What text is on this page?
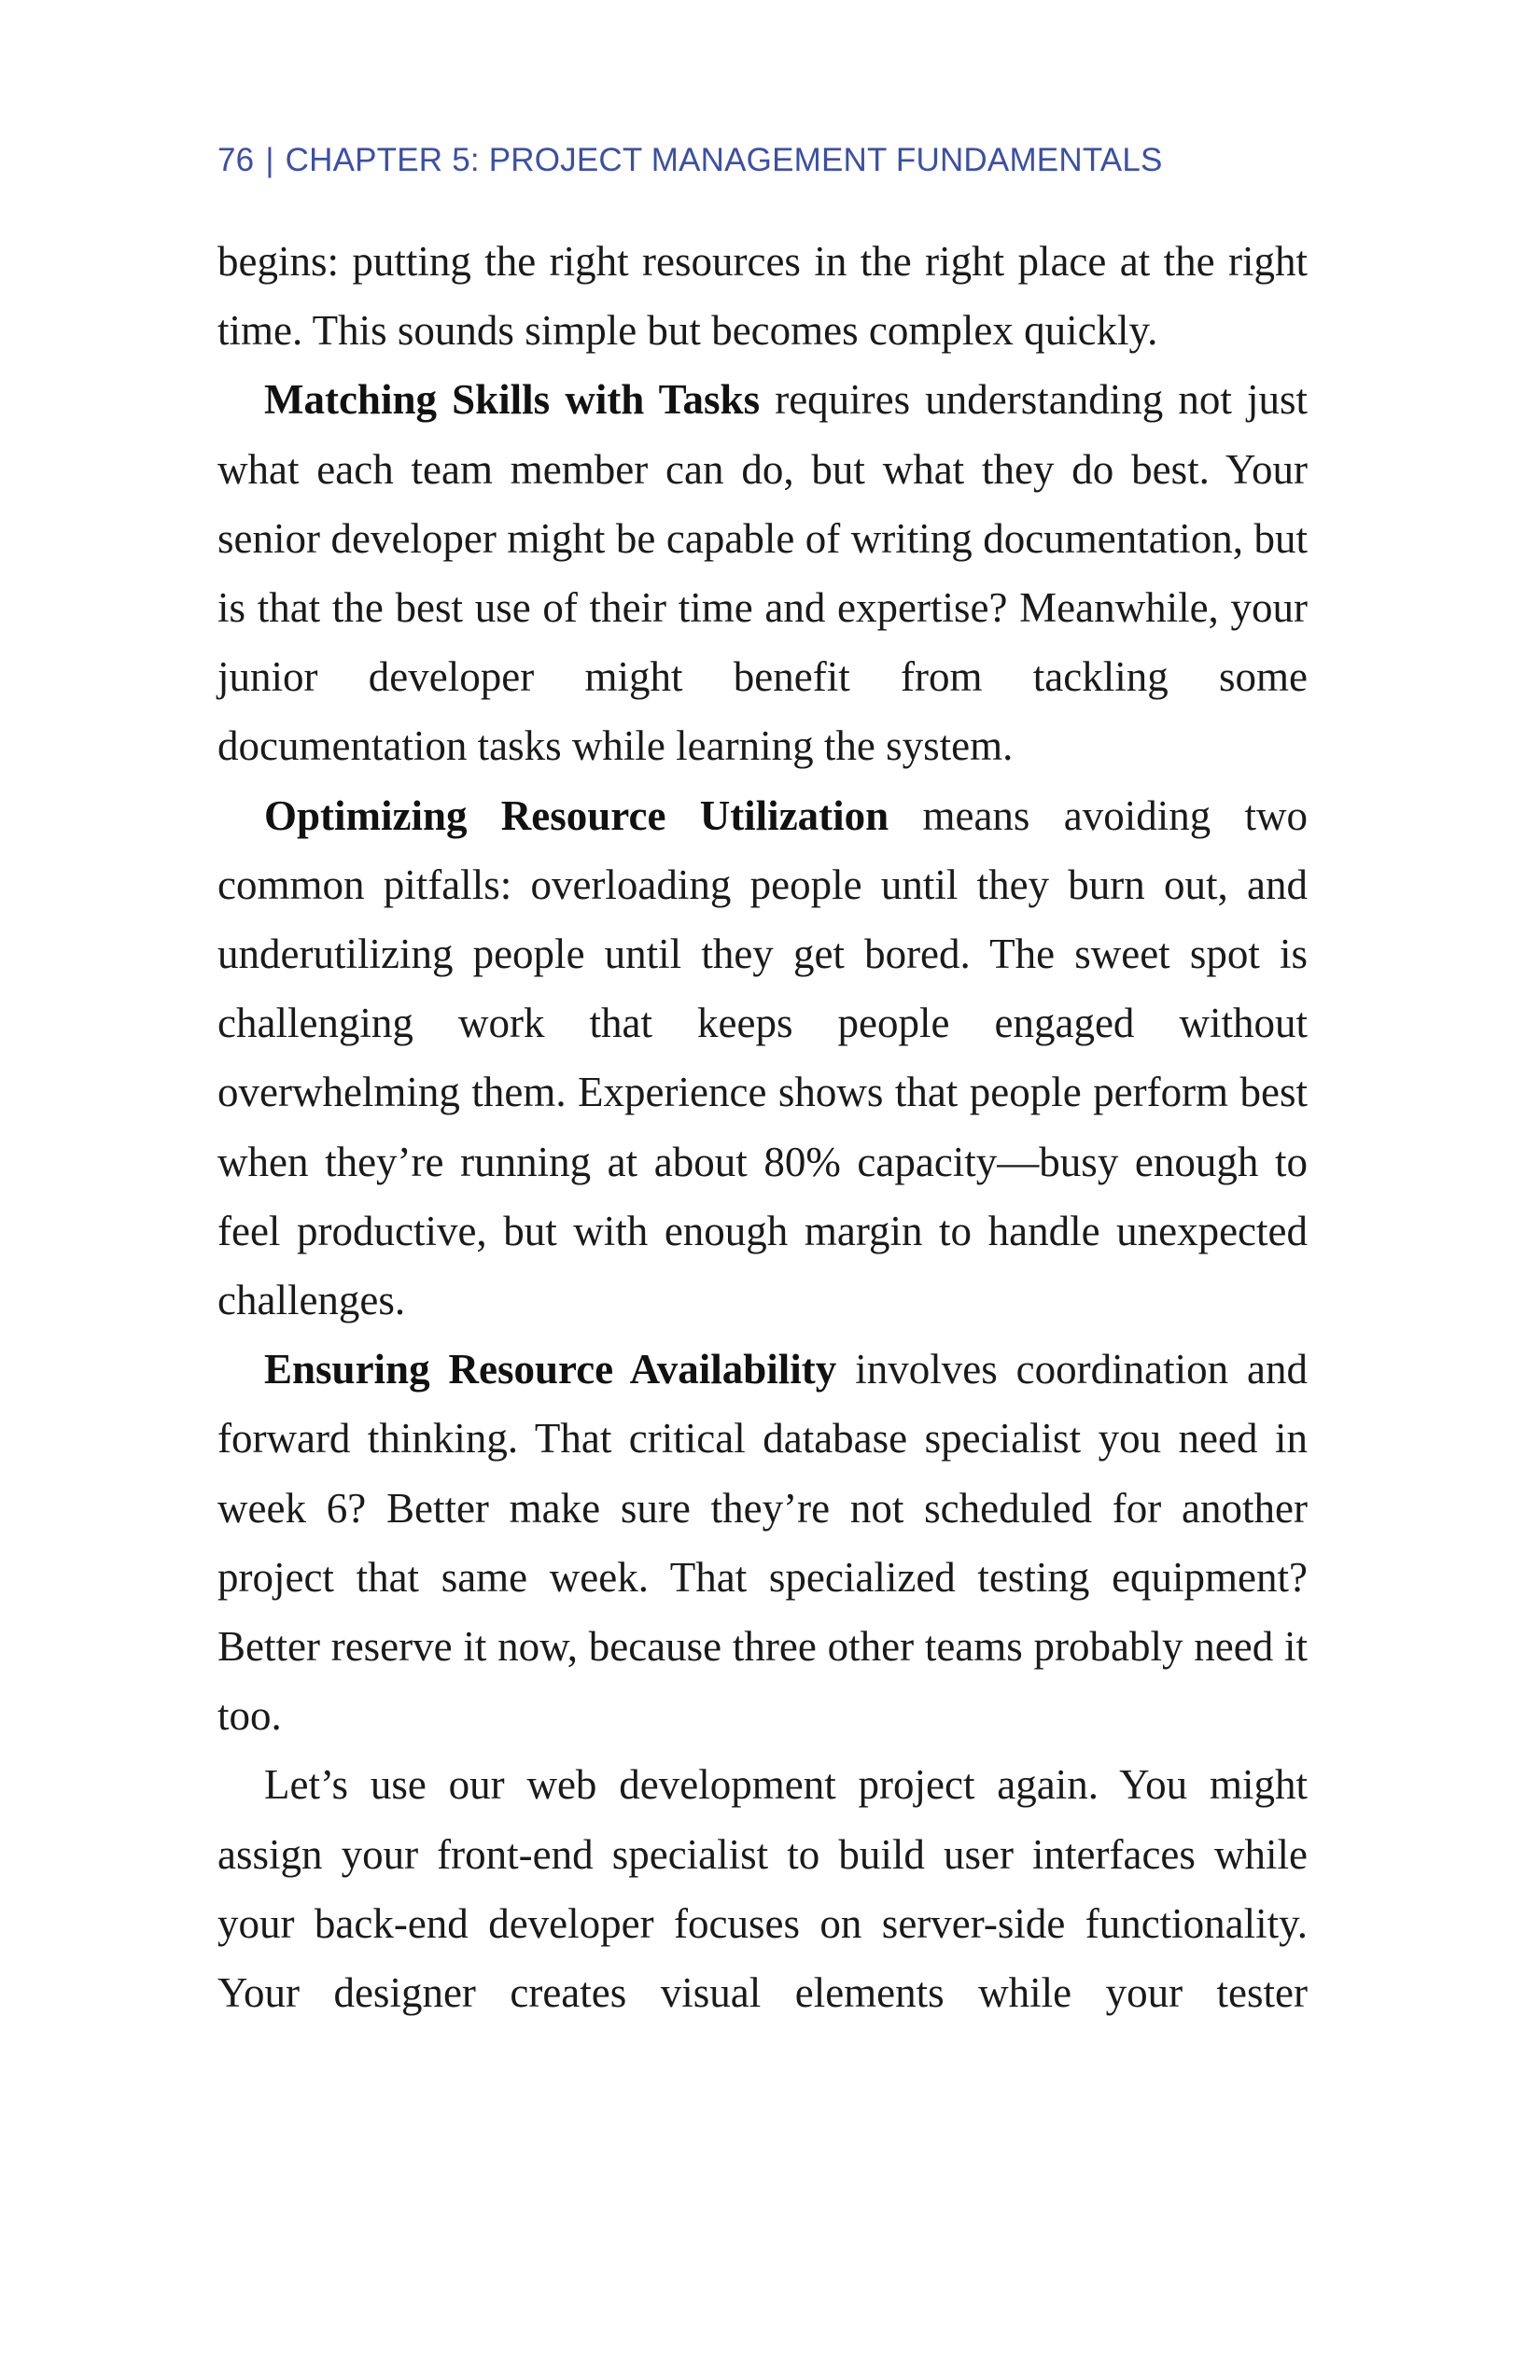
76 | CHAPTER 5: PROJECT MANAGEMENT FUNDAMENTALS

begins: putting the right resources in the right place at the right time. This sounds simple but becomes complex quickly.

Matching Skills with Tasks requires understanding not just what each team member can do, but what they do best. Your senior developer might be capable of writing documentation, but is that the best use of their time and expertise? Meanwhile, your junior developer might benefit from tackling some documentation tasks while learning the system.

Optimizing Resource Utilization means avoiding two common pitfalls: overloading people until they burn out, and underutilizing people until they get bored. The sweet spot is challenging work that keeps people engaged without overwhelming them. Experience shows that people perform best when they’re running at about 80% capacity—busy enough to feel productive, but with enough margin to handle unexpected challenges.

Ensuring Resource Availability involves coordination and forward thinking. That critical database specialist you need in week 6? Better make sure they’re not scheduled for another project that same week. That specialized testing equipment? Better reserve it now, because three other teams probably need it too.

Let’s use our web development project again. You might assign your front-end specialist to build user interfaces while your back-end developer focuses on server-side functionality. Your designer creates visual elements while your tester
